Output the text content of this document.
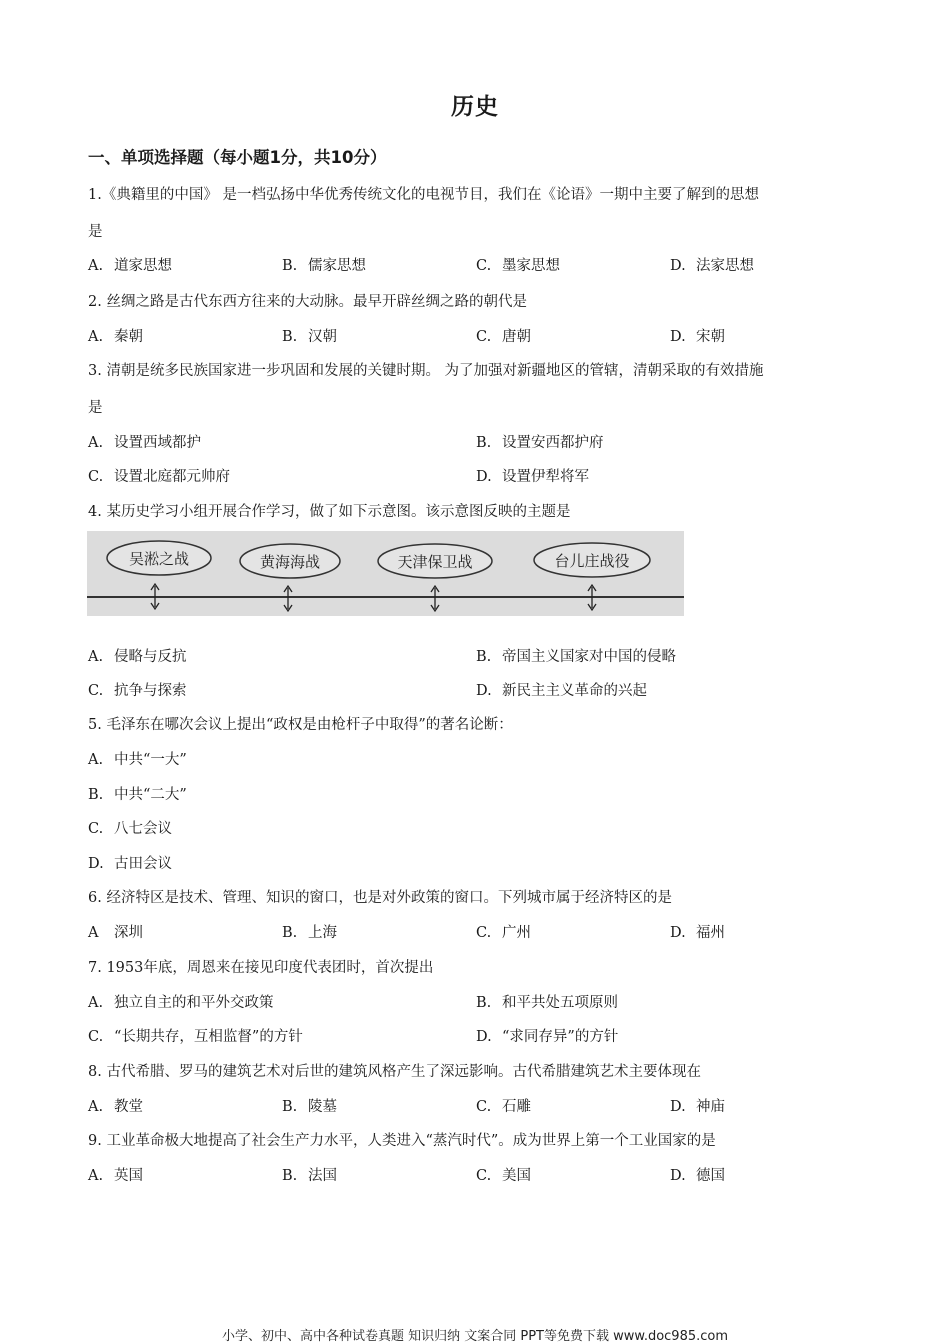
历史
一、单项选择题（每小题1分，共10分）
1.《典籍里的中国》 是一档弘扬中华优秀传统文化的电视节目，我们在《论语》一期中主要了解到的思想
是
A. 道家思想	B. 儒家思想	C. 墨家思想	D. 法家思想
2. 丝绸之路是古代东西方往来的大动脉。最早开辟丝绸之路的朝代是
A. 秦朝	B. 汉朝	C. 唐朝	D. 宋朝
3. 清朝是统多民族国家进一步巩固和发展的关键时期。 为了加强对新疆地区的管辖，清朝采取的有效措施
是
A. 设置西域都护	B. 设置安西都护府
C. 设置北庭都元帅府	D. 设置伊犁将军
4. 某历史学习小组开展合作学习，做了如下示意图。该示意图反映的主题是
吴淞之战	黄海海战	天津保卫战	台儿庄战役
A. 侵略与反抗	B. 帝国主义国家对中国的侵略
C. 抗争与探索	D. 新民主主义革命的兴起
5. 毛泽东在哪次会议上提出“政权是由枪杆子中取得”的著名论断：
A. 中共“一大”
B. 中共“二大”
C. 八七会议
D. 古田会议
6. 经济特区是技术、管理、知识的窗口，也是对外政策的窗口。下列城市属于经济特区的是
A 深圳	B. 上海	C. 广州	D. 福州
7. 1953年底，周恩来在接见印度代表团时，首次提出
A. 独立自主的和平外交政策	B. 和平共处五项原则
C. “长期共存，互相监督”的方针	D. “求同存异”的方针
8. 古代希腊、罗马的建筑艺术对后世的建筑风格产生了深远影响。古代希腊建筑艺术主要体现在
A. 教堂	B. 陵墓	C. 石雕	D. 神庙
9. 工业革命极大地提高了社会生产力水平，人类进入“蒸汽时代”。成为世界上第一个工业国家的是
A. 英国	B. 法国	C. 美国	D. 德国
小学、初中、高中各种试卷真题 知识归纳 文案合同 PPT等免费下载 www.doc985.com
